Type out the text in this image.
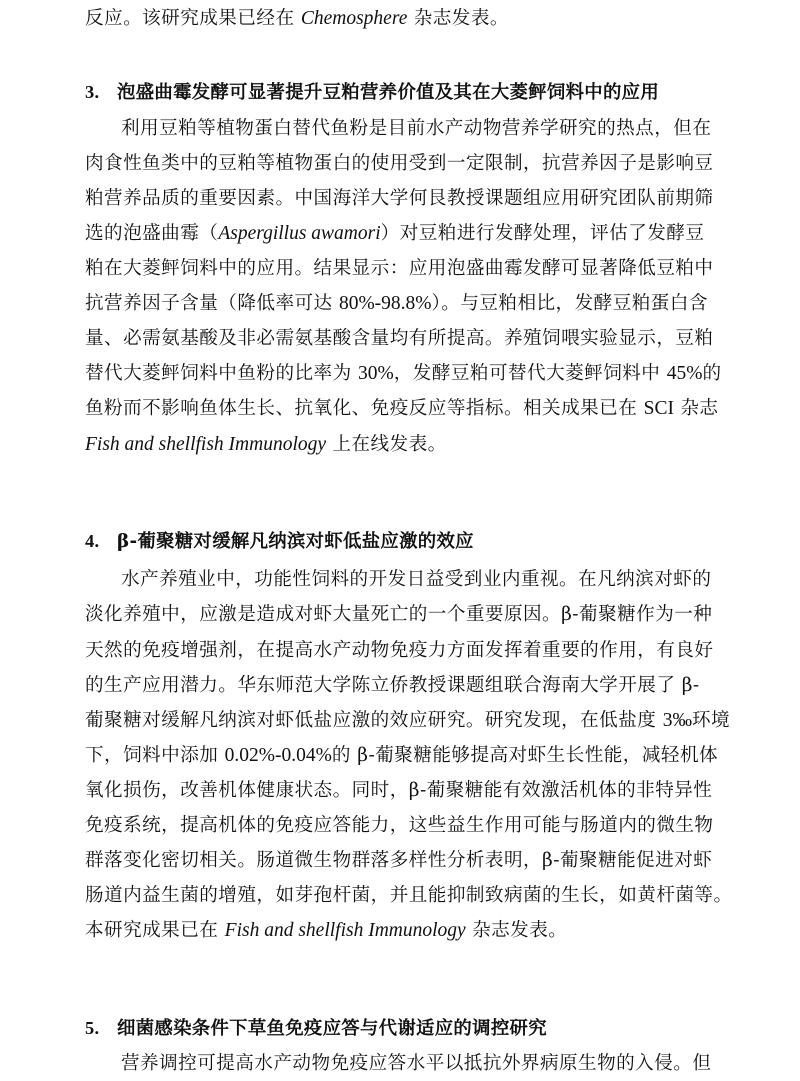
反应。该研究成果已经在 Chemosphere 杂志发表。
3. 泡盛曲霉发酵可显著提升豆粕营养价值及其在大菱鲆饲料中的应用
利用豆粕等植物蛋白替代鱼粉是目前水产动物营养学研究的热点，但在
肉食性鱼类中的豆粕等植物蛋白的使用受到一定限制，抗营养因子是影响豆
粕营养品质的重要因素。中国海洋大学何艮教授课题组应用研究团队前期筛
选的泡盛曲霉（Aspergillus awamori）对豆粕进行发酵处理，评估了发酵豆
粕在大菱鲆饲料中的应用。结果显示：应用泡盛曲霉发酵可显著降低豆粕中
抗营养因子含量（降低率可达 80%-98.8%）。与豆粕相比，发酵豆粕蛋白含
量、必需氨基酸及非必需氨基酸含量均有所提高。养殖饲喂实验显示，豆粕
替代大菱鲆饲料中鱼粉的比率为 30%，发酵豆粕可替代大菱鲆饲料中 45%的
鱼粉而不影响鱼体生长、抗氧化、免疫反应等指标。相关成果已在 SCI 杂志
Fish and shellfish Immunology 上在线发表。
4. β-葡聚糖对缓解凡纳滨对虾低盐应激的效应
水产养殖业中，功能性饲料的开发日益受到业内重视。在凡纳滨对虾的
淡化养殖中，应激是造成对虾大量死亡的一个重要原因。β-葡聚糖作为一种
天然的免疫增强剂，在提高水产动物免疫力方面发挥着重要的作用，有良好
的生产应用潜力。华东师范大学陈立侨教授课题组联合海南大学开展了 β-
葡聚糖对缓解凡纳滨对虾低盐应激的效应研究。研究发现，在低盐度 3‰环境
下，饲料中添加 0.02%-0.04%的 β-葡聚糖能够提高对虾生长性能，减轻机体
氧化损伤，改善机体健康状态。同时，β-葡聚糖能有效激活机体的非特异性
免疫系统，提高机体的免疫应答能力，这些益生作用可能与肠道内的微生物
群落变化密切相关。肠道微生物群落多样性分析表明，β-葡聚糖能促进对虾
肠道内益生菌的增殖，如芽孢杆菌，并且能抑制致病菌的生长，如黄杆菌等。
本研究成果已在 Fish and shellfish Immunology 杂志发表。
5. 细菌感染条件下草鱼免疫应答与代谢适应的调控研究
营养调控可提高水产动物免疫应答水平以抵抗外界病原生物的入侵。但
